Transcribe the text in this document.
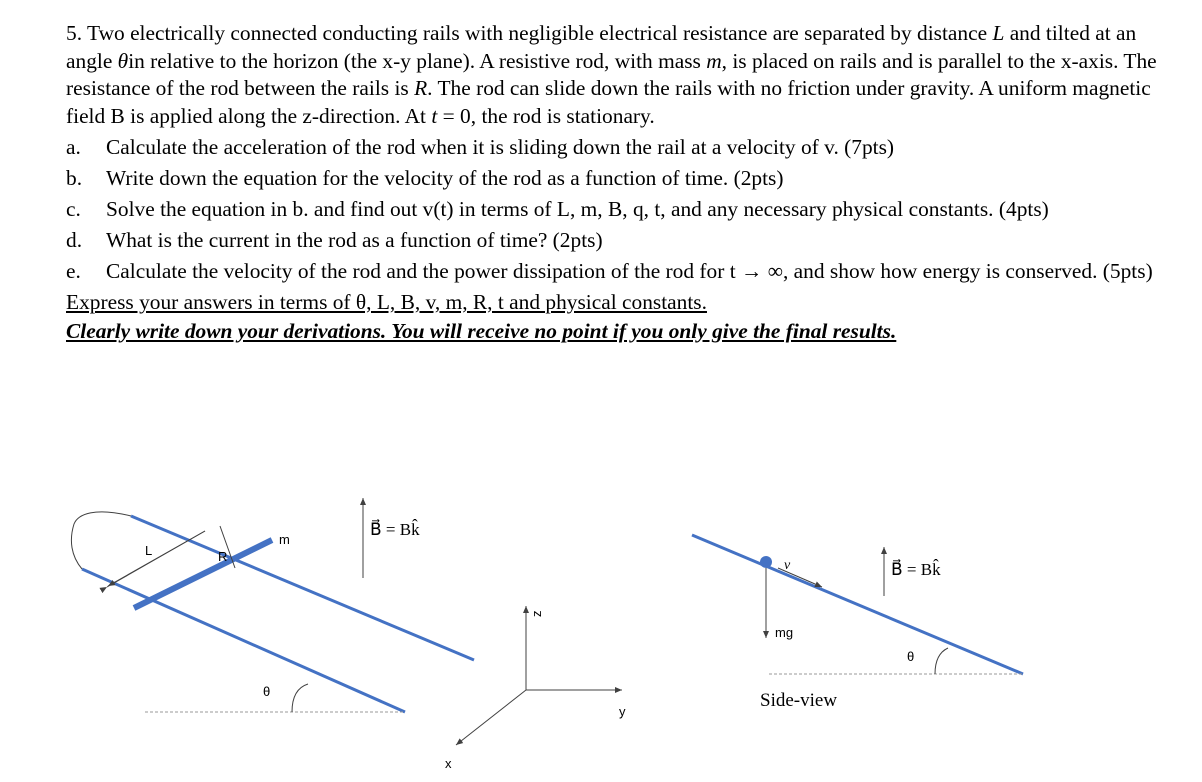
5. Two electrically connected conducting rails with negligible electrical resistance are separated by distance L and tilted at an angle θin relative to the horizon (the x-y plane). A resistive rod, with mass m, is placed on rails and is parallel to the x-axis. The resistance of the rod between the rails is R. The rod can slide down the rails with no friction under gravity. A uniform magnetic field B is applied along the z-direction. At t = 0, the rod is stationary.

a. Calculate the acceleration of the rod when it is sliding down the rail at a velocity of v. (7pts)
b. Write down the equation for the velocity of the rod as a function of time. (2pts)
c. Solve the equation in b. and find out v(t) in terms of L, m, B, q, t, and any necessary physical constants. (4pts)
d. What is the current in the rod as a function of time? (2pts)
e. Calculate the velocity of the rod and the power dissipation of the rod for t → ∞, and show how energy is conserved. (5pts)

Express your answers in terms of θ, L, B, v, m, R, t and physical constants.

Clearly write down your derivations. You will receive no point if you only give the final results.

L	R
m
B⃗ = Bk̂
θ
z
y
x
mg
v	B⃗ = Bk̂
θ
Side-view
